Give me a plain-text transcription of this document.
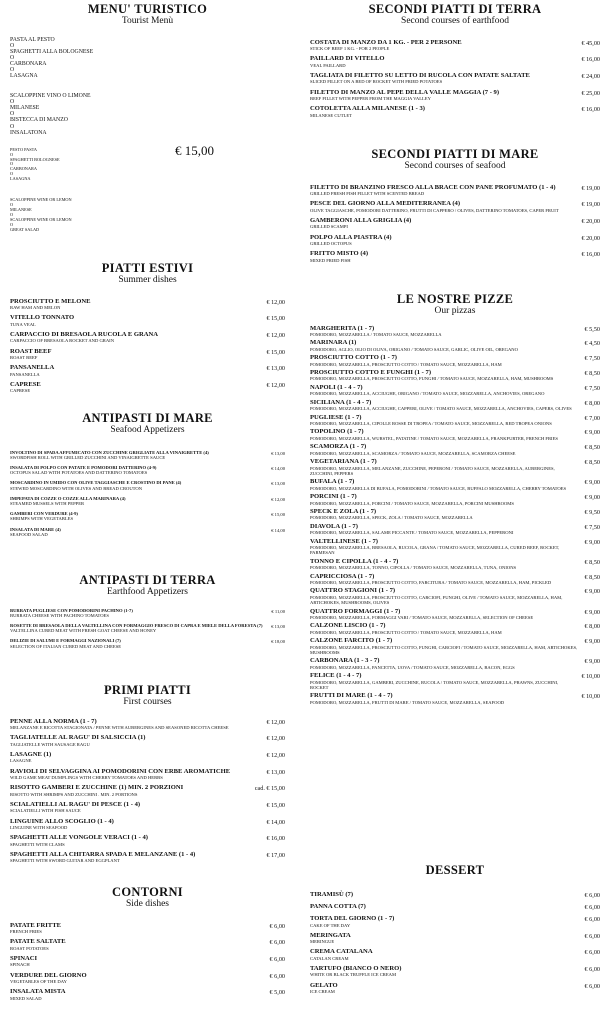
MENU' TURISTICO
Tourist Menù
PASTA AL PESTO
O
SPAGHETTI ALLA BOLOGNESE
O
CARBONARA
O
LASAGNA
SCALOPPINE VINO O LIMONE
O
MILANESE
O
BISTECCA DI MANZO
O
INSALATONA
PESTO PASTA
O
SPAGHETTI BOLOGNESE
O
CARBONARA
O
LASAGNA
SCALOPPINE WINE OR LEMON
O
MILANESE
O
SCALOPPINE WINE OR LEMON
O
GREAT SALAD
€ 15,00
PIATTI ESTIVI
Summer dishes
PROSCIUTTO E MELONE
RAW HAM AND MELON
€ 12,00
VITELLO TONNATO
TUNA VEAL
€ 15,00
CARPACCIO DI BRESAOLA RUCOLA E GRANA
CARPACCIO OF BRESAOLA ROCKET AND GRAIN
€ 12,00
ROAST BEEF
ROAST BEEF
€ 15,00
PANSANELLA
PANSANELLA
€ 13,00
CAPRESE
CAPRESE
€ 12,00
ANTIPASTI DI MARE
Seafood Appetizers
INVOLTINO DI SPADA AFFUMICATO CON ZUCCHINE GRIGLIATE ALLA VINAIGRETTE (4)
SWORDFISH ROLL WITH GRILLED ZUCCHINI AND VINAIGRETTE SAUCE
€ 13,00
INSALATA DI POLPO CON PATATE E POMODORI DATTERINO (4-9)
OCTOPUS SALAD WITH POTATOES AND DATTERINO TOMATOES
€ 14,00
MOSCARDINO IN UMIDO CON OLIVE TAGGIASCHE E CROSTINO DI PANE (4)
STEWED MOSCARDINO WITH OLIVES AND BREAD CROUTON
€ 13,00
IMPEPATA DI COZZE O COZZE ALLA MARINARA (4)
STEAMED MUSSELS WITH PEPPER
€ 12,00
GAMBERI CON VERDURE (4-9)
SHRIMPS WITH VEGETABLES
€ 15,00
INSALATA DI MARE (4)
SEAFOOD SALAD
€ 14,00
ANTIPASTI DI TERRA
Earthfood Appetizers
BURRATA PUGLIESE CON POMODORINI PACHINO (1-7)
BURRATA CHEESE WITH PACHINO TOMATOES
€ 11,00
ROSETTE DI BRESAOLA DELLA VALTELLINA CON FORMAGGIO FRESCO DI CAPRA E MIELE DELLA FORESTA (7)
VALTELLINA CURED MEAT WITH FRESH GOAT CHEESE AND HONEY
€ 13,00
DELIZIE DI SALUMI E FORMAGGI NAZIONALI (7)
SELECTION OF ITALIAN CURED MEAT AND CHEESE
€ 18,00
PRIMI PIATTI
First courses
PENNE ALLA NORMA (1 - 7)
MELANZANE E RICOTTA STAGIONATA / PENNE WITH AUBERGINES AND SEASONED RICOTTA CHEESE
€ 12,00
TAGLIATELLE AL RAGU' DI SALSICCIA (1)
TAGLIATELLE WITH SAUSAGE RAGU
€ 12,00
LASAGNE (1)
LASAGNE
€ 12,00
RAVIOLI DI SELVAGGINA AI POMODORINI CON ERBE AROMATICHE
WILD GAME MEAT DUMPLINGS WITH CHERRY TOMATOES AND HERBS
€ 13,00
RISOTTO GAMBERI E ZUCCHINE (1) MIN. 2 PORZIONI
RISOTTO WITH SHRIMPS AND ZUCCHINI . MIN. 2 PORTIONS
cad. € 15,00
SCIALATIELLI AL RAGU' DI PESCE (1 - 4)
SCIALATIELLI WITH FISH SAUCE
€ 15,00
LINGUINE ALLO SCOGLIO (1 - 4)
LINGUINE WITH SEAFOOD
€ 14,00
SPAGHETTI ALLE VONGOLE VERACI (1 - 4)
SPAGHETTI WITH CLAMS
€ 16,00
SPAGHETTI ALLA CHITARRA SPADA E MELANZANE (1 - 4)
SPAGHETTI WITH SWORD GUITAR AND EGGPLANT
€ 17,00
CONTORNI
Side dishes
PATATE FRITTE
FRENCH FRIES
€ 6,00
PATATE SALTATE
ROAST POTATOES
€ 6,00
SPINACI
SPINACH
€ 6,00
VERDURE DEL GIORNO
VEGETABLES OF THE DAY
€ 6,00
INSALATA MISTA
MIXED SALAD
€ 5,00
SECONDI PIATTI DI TERRA
Second courses of earthfood
COSTATA DI MANZO DA 1 KG. - PER 2 PERSONE
STICK OF BEEF 1 KG. - FOR 2 PEOPLE
€ 45,00
PAILLARD DI VITELLO
VEAL PAILLARD
€ 16,00
TAGLIATA DI FILETTO SU LETTO DI RUCOLA CON PATATE SALTATE
SLICED FILLET ON A BED OF ROCKET WITH FRIED POTATOES
€ 24,00
FILETTO DI MANZO AL PEPE DELLA VALLE MAGGIA (7 - 9)
BEEF FILLET WITH PEPPER FROM THE MAGGIA VALLEY
€ 25,00
COTOLETTA ALLA MILANESE (1 - 3)
MILANESE CUTLET
€ 16,00
SECONDI PIATTI DI MARE
Second courses of seafood
FILETTO DI BRANZINO FRESCO ALLA BRACE CON PANE PROFUMATO (1 - 4)
GRILLED FRESH FISH FILLET WITH SCENTED BREAD
€ 19,00
PESCE DEL GIORNO ALLA MEDITERRANEA (4)
OLIVE TAGGIASCHE, POMODORI DATTERINO, FRUTTI DI CAPPERO / OLIVES, DATTERINO TOMATOES, CAPER FRUIT
€ 19,00
GAMBERONI ALLA GRIGLIA (4)
GRILLED SCAMPI
€ 20,00
POLPO ALLA PIASTRA (4)
GRILLED OCTOPUS
€ 20,00
FRITTO MISTO (4)
MIXED FRIED FISH
€ 16,00
LE NOSTRE PIZZE
Our pizzas
MARGHERITA (1 - 7)
POMODORO, MOZZARELLA / TOMATO SAUCE, MOZZARELLA
€ 5,50
MARINARA (1)
POMODORO, AGLIO, OLIO DI OLIVA, ORIGANO / TOMATO SAUCE, GARLIC, OLIVE OIL, OREGANO
€ 4,50
PROSCIUTTO COTTO (1 - 7)
POMODORO, MOZZARELLA, PROSCIUTTO COTTO / TOMATO SAUCE, MOZZARELLA, HAM
€ 7,50
PROSCIUTTO COTTO E FUNGHI (1 - 7)
POMODORO, MOZZARELLA, PROSCIUTTO COTTO, FUNGHI / TOMATO SAUCE, MOZZARELLA, HAM, MUSHROOMS
€ 8,50
NAPOLI (1 - 4 - 7)
POMODORO, MOZZARELLA, ACCIUGHE, ORIGANO / TOMATO SAUCE, MOZZARELLA, ANCHOVIES, OREGANO
€ 7,50
SICILIANA (1 - 4 - 7)
POMODORO, MOZZARELLA, ACCIUGHE, CAPPERI, OLIVE / TOMATO SAUCE, MOZZARELLA, ANCHOVIES, CAPERS, OLIVES
€ 8,00
PUGLIESE (1 - 7)
POMODORO, MOZZARELLA, CIPOLLE ROSSE DI TROPEA / TOMATO SAUCE, MOZZARELLA, RED TROPEA ONIONS
€ 7,00
TOPOLINO (1 - 7)
POMODORO, MOZZARELLA, WURSTEL, PATATINE / TOMATO SAUCE, MOZZARELLA, FRANKFURTER, FRENCH FRIES
€ 9,00
SCAMORZA (1 - 7)
POMODORO, MOZZARELLA, SCAMORZA / TOMATO SAUCE, MOZZARELLA, SCAMORZA CHEESE
€ 8,50
VEGETARIANA (1 - 7)
POMODORO, MOZZARELLA, MELANZANE, ZUCCHINE, PEPERONI / TOMATO SAUCE, MOZZARELLA, AUBERGINES, ZUCCHINI, PEPPERS
€ 8,50
BUFALA (1 - 7)
POMODORO, MOZZARELLA DI BUFALA, POMODORINI / TOMATO SAUCE, BUFFALO MOZZARELLA, CHERRY TOMATOES
€ 9,00
PORCINI (1 - 7)
POMODORO, MOZZARELLA, PORCINI / TOMATO SAUCE, MOZZARELLA, PORCINI MUSHROOMS
€ 9,00
SPECK E ZOLA (1 - 7)
POMODORO, MOZZARELLA, SPECK, ZOLA / TOMATO SAUCE, MOZZARELLA
€ 9,50
DIAVOLA (1 - 7)
POMODORO, MOZZARELLA, SALAME PICCANTE / TOMATO SAUCE, MOZZARELLA, PEPPERONI
€ 7,50
VALTELLINESE (1 - 7)
POMODORO, MOZZARELLA, BRESAOLA, RUCOLA, GRANA / TOMATO SAUCE, MOZZARELLA, CURED BEEF, ROCKET, PARMESAN
€ 9,00
TONNO E CIPOLLA (1 - 4 - 7)
POMODORO, MOZZARELLA, TONNO, CIPOLLA / TOMATO SAUCE, MOZZARELLA, TUNA, ONIONS
€ 8,50
CAPRICCIOSA (1 - 7)
POMODORO, MOZZARELLA, PROSCIUTTO COTTO, FARCITURA / TOMATO SAUCE, MOZZARELLA, HAM, PICKLED
€ 8,50
QUATTRO STAGIONI (1 - 7)
POMODORO, MOZZARELLA, PROSCIUTTO COTTO, CARCIOFI, FUNGHI, OLIVE / TOMATO SAUCE, MOZZARELLA, HAM, ARTICHOKES, MUSHROOMS, OLIVES
€ 9,00
QUATTRO FORMAGGI (1 - 7)
POMODORO, MOZZARELLA, FORMAGGI VARI / TOMATO SAUCE, MOZZARELLA, SELECTION OF CHEESE
€ 9,00
CALZONE LISCIO (1 - 7)
POMODORO, MOZZARELLA, PROSCIUTTO COTTO / TOMATO SAUCE, MOZZARELLA, HAM
€ 8,00
CALZONE FARCITO (1 - 7)
POMODORO, MOZZARELLA, PROSCIUTTO COTTO, FUNGHI, CARCIOFI / TOMATO SAUCE, MOZZARELLA, HAM, ARTICHOKES, MUSHROOMS
€ 9,00
CARBONARA (1 - 3 - 7)
POMODORO, MOZZARELLA, PANCETTA, UOVA / TOMATO SAUCE, MOZZARELLA, BACON, EGGS
€ 9,00
FELICE (1 - 4 - 7)
POMODORO, MOZZARELLA, GAMBERI, ZUCCHINE, RUCOLA / TOMATO SAUCE, MOZZARELLA, PRAWNS, ZUCCHINI, ROCKET
€ 10,00
FRUTTI DI MARE (1 - 4 - 7)
POMODORO, MOZZARELLA, FRUTTI DI MARE / TOMATO SAUCE, MOZZARELLA, SEAFOOD
€ 10,00
DESSERT
TIRAMISÙ (7)	€ 6,00
PANNA COTTA (7)	€ 6,00
TORTA DEL GIORNO (1 - 7)
CAKE OF THE DAY
€ 6,00
MERINGATA
MERINGUE
€ 6,00
CREMA CATALANA
CATALAN CREAM
€ 6,00
TARTUFO (BIANCO O NERO)
WHITE OR BLACK TRUFFLE ICE CREAM
€ 6,00
GELATO
ICE CREAM
€ 6,00
